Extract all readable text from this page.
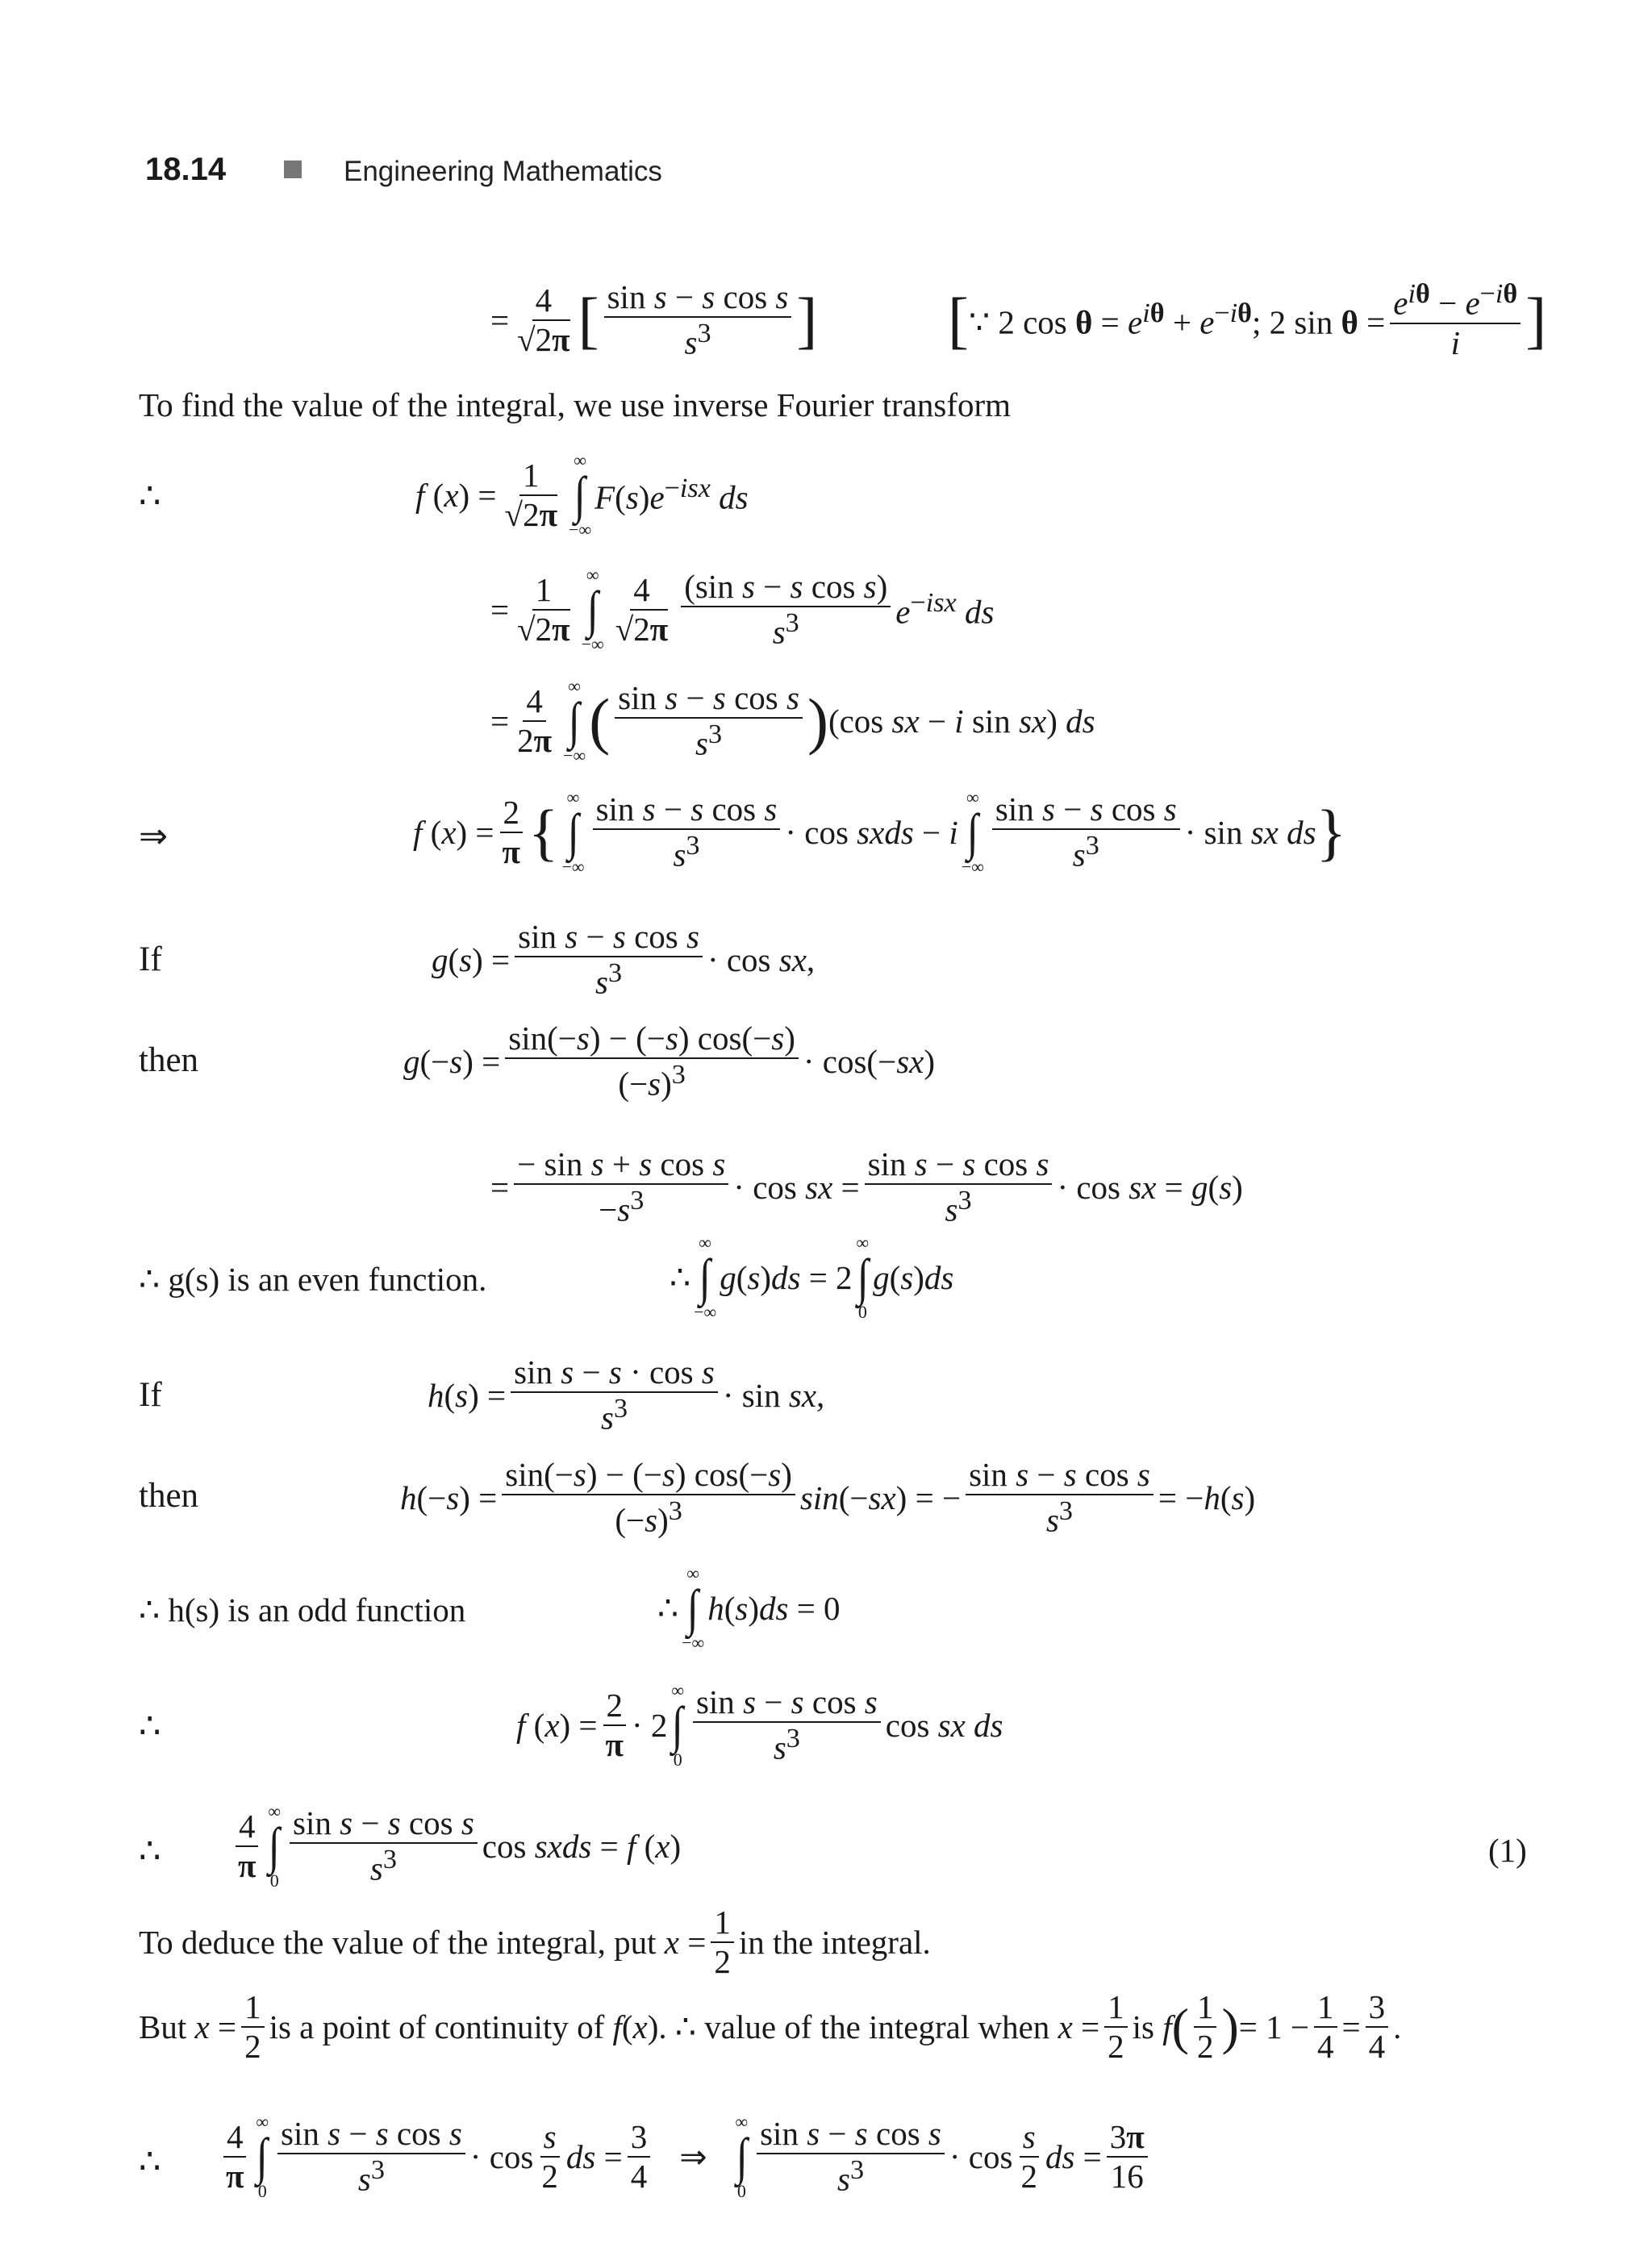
18.14	Engineering Mathematics
= $\frac{4}{√2\pi}$ [ $\frac{\text{sin s − s cos s}}{s^3}$ ] [ ∵ 2 $\cos \theta = e^{i\theta} + e^{-i\theta}$; 2 $\sin \theta = \frac{e^{i\theta} - e^{-i\theta}}{i}$ ]
To find the value of the integral, we use inverse Fourier transform
∴	f $(x) = \frac{1}{√2\pi}$ ∞
∫
−∞
$F(s)e^{-isx}$ ds
= $\frac{1}{√2\pi}$ ∞
∫
−∞ $\frac{4}{√2\pi} \frac{\text{(sin s − s cos s)}}{s^3} e^{-isx}$ ds
= $\frac{4}{2\pi}$ ∞
∫
−∞ ( $\frac{\text{sin s − s cos s}}{s^3}$ ) (cos sx − i sin sx) ds
⇒	f $(x) = \frac{2}{\pi}$ { ∞
∫
−∞ $\frac{\text{sin s − s cos s}}{s^3} \cdot \cos$ sxds − i
∞
∫
−∞ $\frac{\text{sin s − s cos s}}{s^3} \cdot \sin$ sx ds }
If	$g(s) = \frac{\text{sin s − s cos s}}{s^3} \cdot \cos$ sx,
then	$g(-s) = \frac{\sin(-s) - (-s) \cos(-s)}{(-s)^3} \cdot \cos(-sx)$
= $\frac{\text{− sin s + s cos s}}{-s^3} \cdot \cos$ sx = $\frac{\text{sin s − s cos s}}{s^3} \cdot \cos$ sx = g(s)
∴ g(s) is an even function.	∴
∞
∫
−∞
g(s)ds = 2
∞
∫
0
g(s)ds
If	$h(s) = \frac{\text{sin s − s · cos s}}{s^3} \cdot \sin$ sx,
then	$h(-s) = \frac{\sin(-s) - (-s) \cos(-s)}{(-s)^3} \sin(-sx)$ = − $\frac{\text{sin s − s cos s}}{s^3} = -h(s)$
∴ h(s) is an odd function	∴
∞
∫
−∞
h(s)ds = 0
∴	f $(x) = \frac{2}{\pi} \cdot 2$
∞
∫
$0 \frac{\text{sin s − s cos s}}{s^3}$ cos sx ds
∴ $\frac{4}{\pi}$ ∞
∫
$0 \frac{\text{sin s − s cos s}}{s^3}$ cos sxds = f (x)	(1)
To deduce the value of the integral, put $x = \frac{1}{2}$ in the integral.
But $x = \frac{1}{2}$ is a point of continuity of f(x). ∴
value of the integral when $x = \frac{1}{2}$ is f ( $\frac{1}{2}$ ) = $1 - \frac{1}{4} = \frac{3}{4}$ .
∴ $\frac{4}{\pi}$ ∞
∫
$0 \frac{\text{sin s − s cos s}}{s^3} \cdot \cos \frac{s}{2}$ ds = $\frac{3}{4}$ ⇒
∞
∫
$0 \frac{\text{sin s − s cos s}}{s^3} \cdot \cos \frac{s}{2}$ ds = $\frac{3\pi}{16}$
